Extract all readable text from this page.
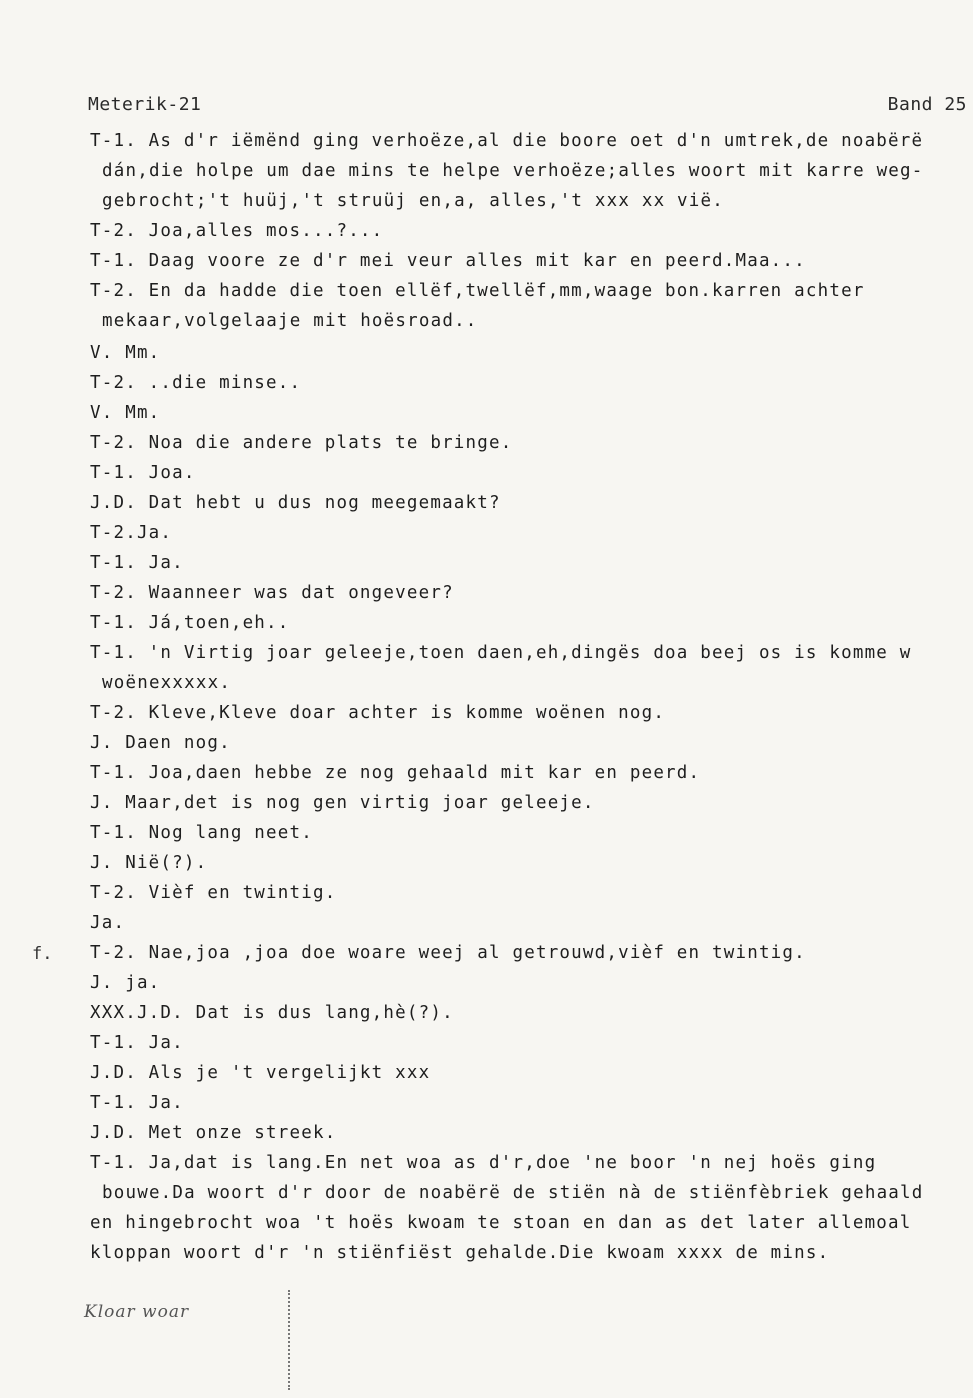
Meterik-21	Band 25
f.
T-1. As d'r iëmënd ging verhoëze,al die boore oet d'n umtrek,de noabërë
dán,die holpe um dae mins te helpe verhoëze;alles woort mit karre weg-
gebrocht;'t huüj,'t struüj en,a, alles,'t xxx xx vië.
T-2. Joa,alles mos...?...
T-1. Daag voore ze d'r mei veur alles mit kar en peerd.Maa...
T-2. En da hadde die toen ellëf,twellëf,mm,waage bon.karren achter
mekaar,volgelaaje mit hoësroad..
V. Mm.
T-2. ..die minse..
V. Mm.
T-2. Noa die andere plats te bringe.
T-1. Joa.
J.D. Dat hebt u dus nog meegemaakt?
T-2.Ja.
T-1. Ja.
T-2. Waanneer was dat ongeveer?
T-1. Já,toen,eh..
T-1. 'n Virtig joar geleeje,toen daen,eh,dingës doa beej os is komme w
woënexxxxx.
T-2. Kleve,Kleve doar achter is komme woënen nog.
J. Daen nog.
T-1. Joa,daen hebbe ze nog gehaald mit kar en peerd.
J. Maar,det is nog gen virtig joar geleeje.
T-1. Nog lang neet.
J. Nië(?).
T-2. Vièf en twintig.
Ja.
T-2. Nae,joa ,joa doe woare weej al getrouwd,vièf en twintig.
J. ja.
XXX.J.D. Dat is dus lang,hè(?).
T-1. Ja.
J.D. Als je 't vergelijkt xxx
T-1. Ja.
J.D. Met onze streek.
T-1. Ja,dat is lang.En net woa as d'r,doe 'ne boor 'n nej hoës ging
bouwe.Da woort d'r door de noabërë de stiën nà de stiënfèbriek gehaald
en hingebrocht woa 't hoës kwoam te stoan en dan as det later allemoal
kloppan woort d'r 'n stiënfiëst gehalde.Die kwoam xxxx de mins.
Kloar woar
